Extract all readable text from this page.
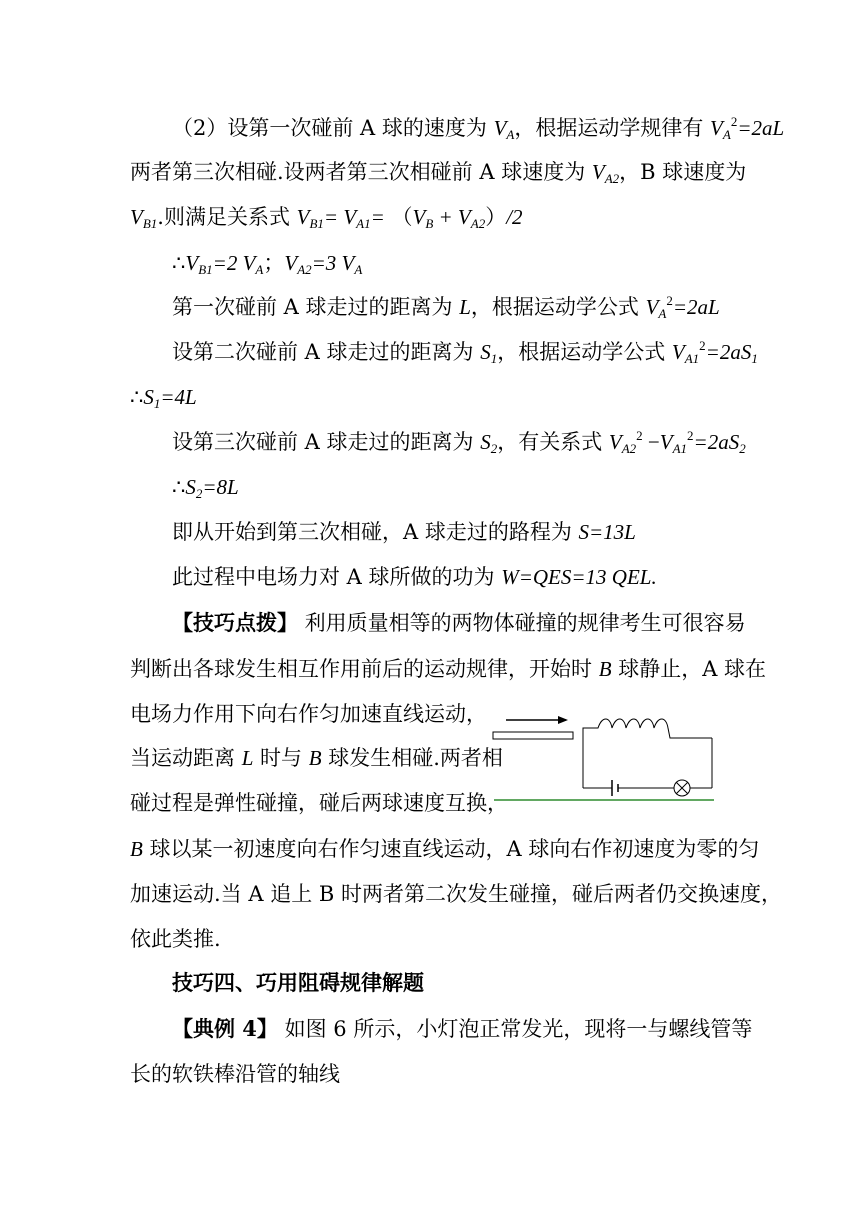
（2）设第一次碰前 A 球的速度为 $V_A$，根据运动学规律有 $V_A^2=2aL$
两者第三次相碰.设两者第三次相碰前 A 球速度为 $V_{A2}$，B 球速度为
$V_{B1}$.则满足关系式 $V_{B1}= V_{A1}= (V_B + V_{A2})/2$
$\therefore V_{B1}=2$ $V_A$；$V_{A2}=3$ $V_A$
第一次碰前 A 球走过的距离为 L，根据运动学公式 $V_A^2=2aL$
设第二次碰前 A 球走过的距离为 $S_1$，根据运动学公式 $V_{A1}^2=2aS_1$
$\therefore S_1=4L$
设第三次碰前 A 球走过的距离为 $S_2$，有关系式 $V_{A2}^2 -V_{A1}^2=2aS_2$
$\therefore S_2=8L$
即从开始到第三次相碰，A 球走过的路程为 S=13L
此过程中电场力对 A 球所做的功为 W=QES=13 QEL.
【技巧点拨】 利用质量相等的两物体碰撞的规律考生可很容易
判断出各球发生相互作用前后的运动规律，开始时 B 球静止，A 球在
电场力作用下向右作匀加速直线运动，
当运动距离 L 时与 B 球发生相碰.两者相
碰过程是弹性碰撞，碰后两球速度互换，
B 球以某一初速度向右作匀速直线运动，A 球向右作初速度为零的匀
加速运动.当 A 追上 B 时两者第二次发生碰撞，碰后两者仍交换速度，
依此类推.
技巧四、巧用阻碍规律解题
【典例 4】 如图 6 所示，小灯泡正常发光，现将一与螺线管等
长的软铁棒沿管的轴线
